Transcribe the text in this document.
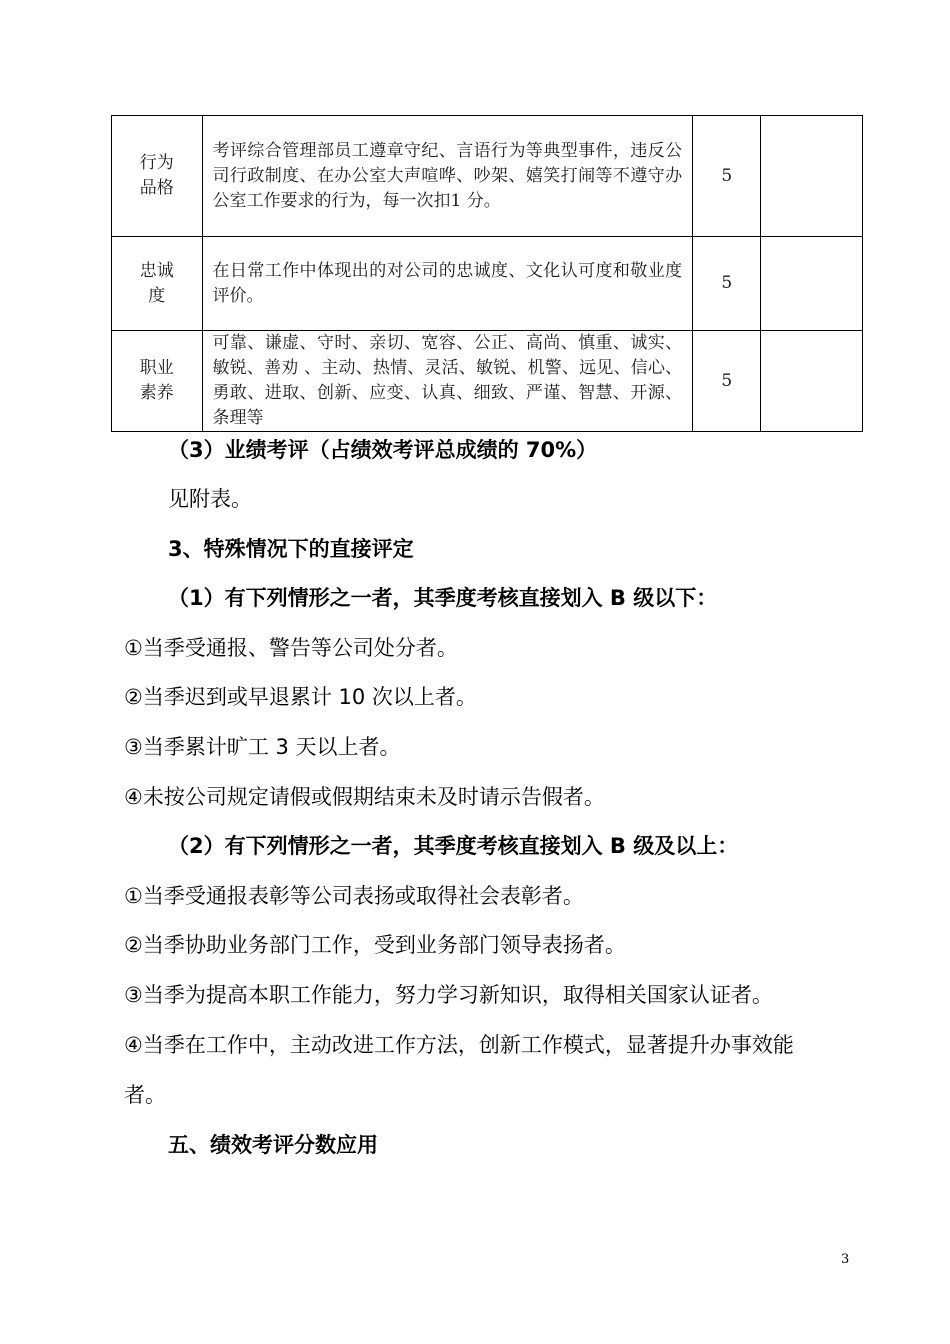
行为品格	考评综合管理部员工遵章守纪、言语行为等典型事件，违反公司行政制度、在办公室大声喧哗、吵架、嬉笑打闹等不遵守办公室工作要求的行为，每一次扣1 分。	5	
忠诚度	在日常工作中体现出的对公司的忠诚度、文化认可度和敬业度评价。	5	
职业素养	可靠、谦虚、守时、亲切、宽容、公正、高尚、慎重、诚实、敏锐、善劝 、主动、热情、灵活、敏锐、机警、远见、信心、勇敢、进取、创新、应变、认真、细致、严谨、智慧、开源、条理等	5	
（3）业绩考评（占绩效考评总成绩的 70%）
见附表。
3、特殊情况下的直接评定
（1）有下列情形之一者，其季度考核直接划入 B 级以下：
①当季受通报、警告等公司处分者。
②当季迟到或早退累计 10 次以上者。
③当季累计旷工 3 天以上者。
④未按公司规定请假或假期结束未及时请示告假者。
（2）有下列情形之一者，其季度考核直接划入 B 级及以上：
①当季受通报表彰等公司表扬或取得社会表彰者。
②当季协助业务部门工作，受到业务部门领导表扬者。
③当季为提高本职工作能力，努力学习新知识，取得相关国家认证者。
④当季在工作中，主动改进工作方法，创新工作模式，显著提升办事效能
者。
五、绩效考评分数应用
3
